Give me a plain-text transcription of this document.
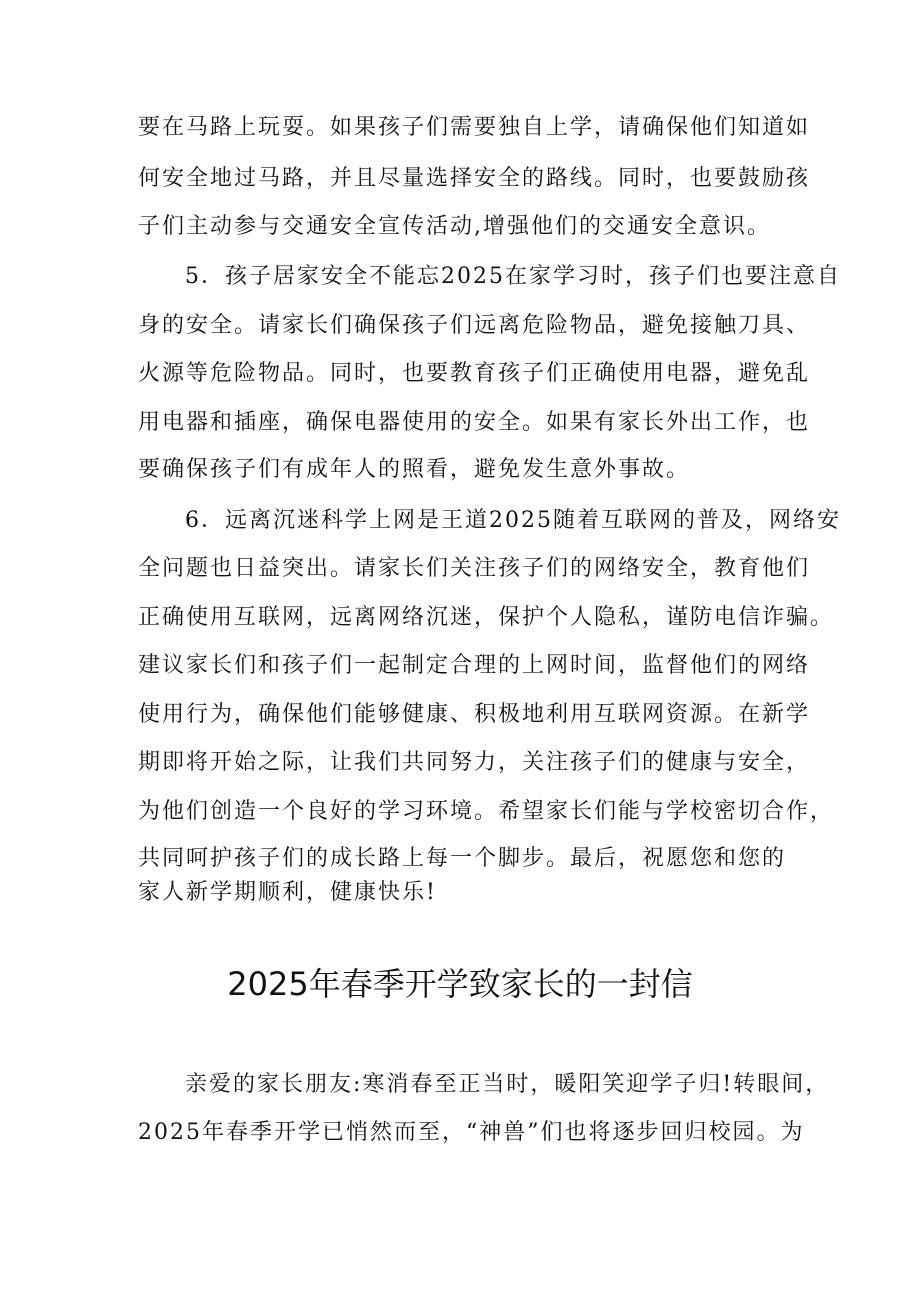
要在马路上玩耍。如果孩子们需要独自上学，请确保他们知道如
何安全地过马路，并且尽量选择安全的路线。同时，也要鼓励孩
子们主动参与交通安全宣传活动,增强他们的交通安全意识。
5．孩子居家安全不能忘2025在家学习时，孩子们也要注意自
身的安全。请家长们确保孩子们远离危险物品，避免接触刀具、
火源等危险物品。同时，也要教育孩子们正确使用电器，避免乱
用电器和插座，确保电器使用的安全。如果有家长外出工作，也
要确保孩子们有成年人的照看，避免发生意外事故。
6．远离沉迷科学上网是王道2025随着互联网的普及，网络安
全问题也日益突出。请家长们关注孩子们的网络安全，教育他们
正确使用互联网，远离网络沉迷，保护个人隐私，谨防电信诈骗。
建议家长们和孩子们一起制定合理的上网时间，监督他们的网络
使用行为，确保他们能够健康、积极地利用互联网资源。在新学
期即将开始之际，让我们共同努力，关注孩子们的健康与安全，
为他们创造一个良好的学习环境。希望家长们能与学校密切合作，
共同呵护孩子们的成长路上每一个脚步。最后，祝愿您和您的
家人新学期顺利，健康快乐!
2025年春季开学致家长的一封信
亲爱的家长朋友:寒消春至正当时，暖阳笑迎学子归!转眼间，
2025年春季开学已悄然而至，“神兽”们也将逐步回归校园。为
